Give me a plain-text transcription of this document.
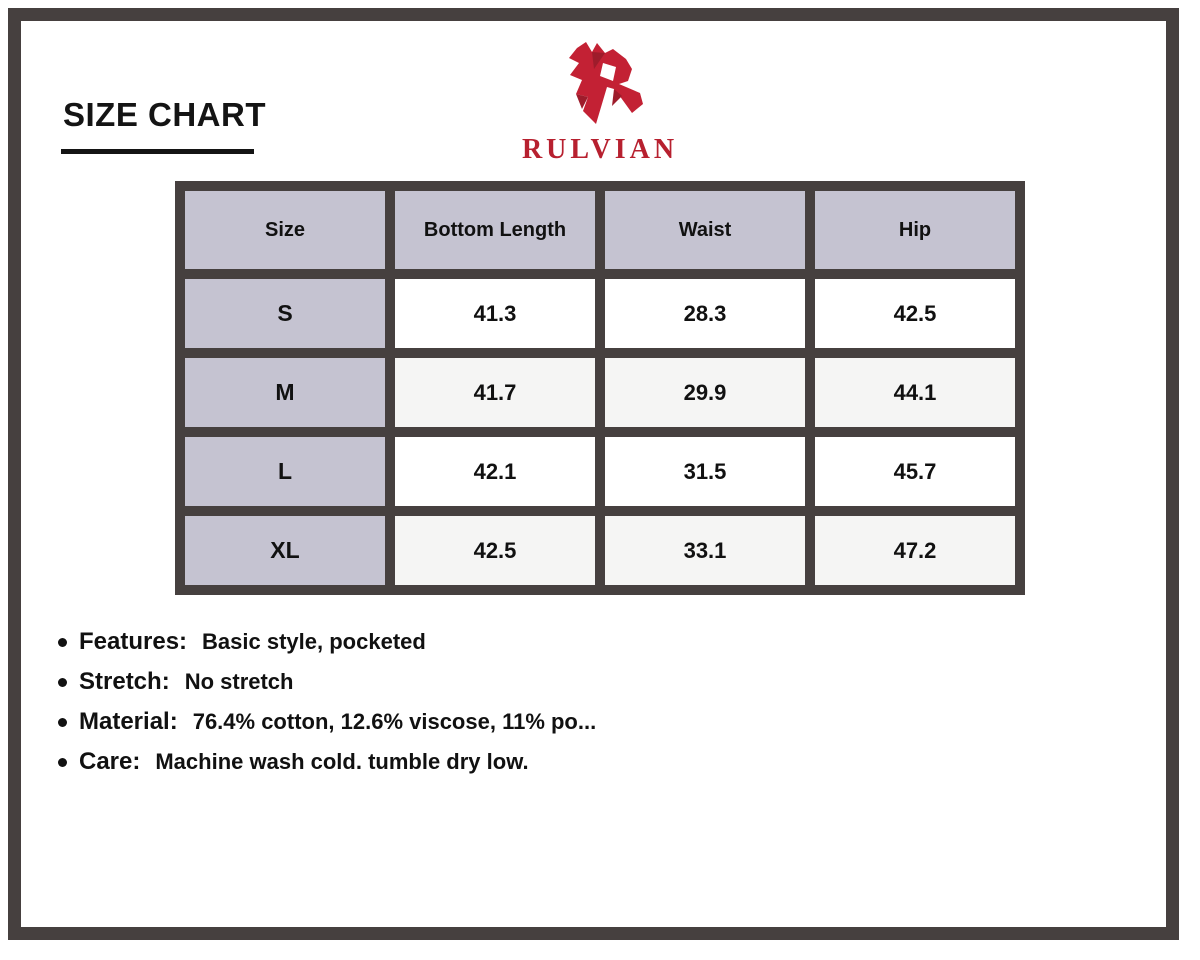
SIZE CHART
RULVIAN
Size	Bottom Length	Waist	Hip
S	41.3	28.3	42.5
M	41.7	29.9	44.1
L	42.1	31.5	45.7
XL	42.5	33.1	47.2
Features: Basic style, pocketed
Stretch: No stretch
Material: 76.4% cotton, 12.6% viscose, 11% po...
Care: Machine wash cold. tumble dry low.
